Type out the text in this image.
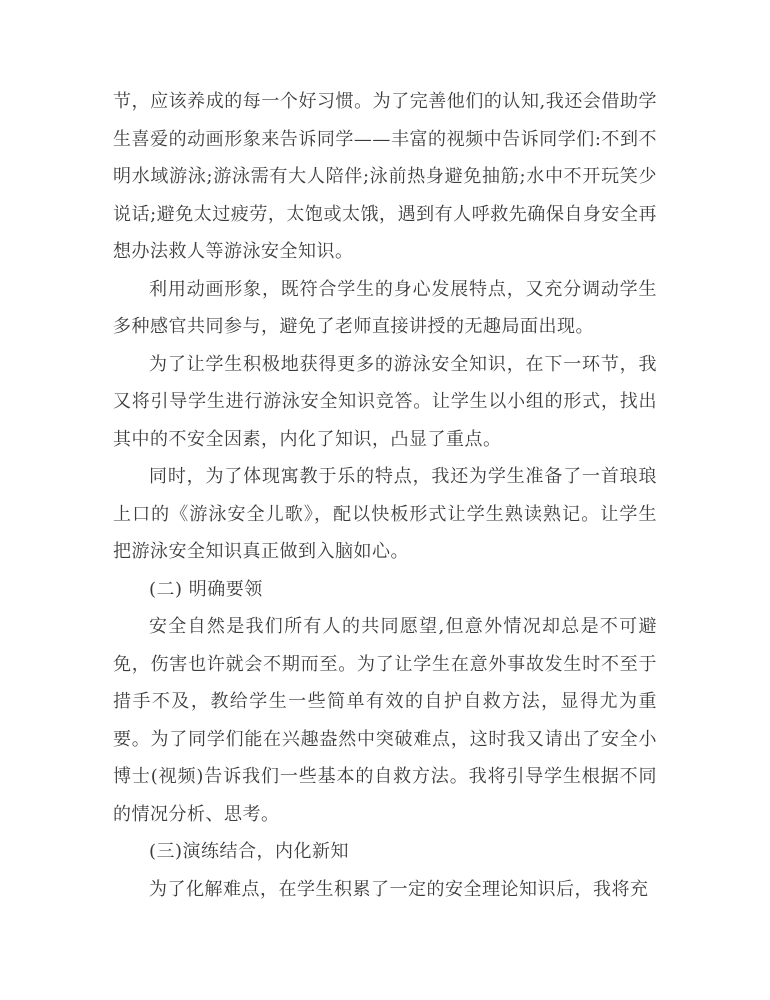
节，应该养成的每一个好习惯。为了完善他们的认知,我还会借助学生喜爱的动画形象来告诉同学——丰富的视频中告诉同学们:不到不明水域游泳;游泳需有大人陪伴;泳前热身避免抽筋;水中不开玩笑少说话;避免太过疲劳，太饱或太饿，遇到有人呼救先确保自身安全再想办法救人等游泳安全知识。

利用动画形象，既符合学生的身心发展特点，又充分调动学生多种感官共同参与，避免了老师直接讲授的无趣局面出现。

为了让学生积极地获得更多的游泳安全知识，在下一环节，我又将引导学生进行游泳安全知识竞答。让学生以小组的形式，找出其中的不安全因素，内化了知识，凸显了重点。

同时，为了体现寓教于乐的特点，我还为学生准备了一首琅琅上口的《游泳安全儿歌》，配以快板形式让学生熟读熟记。让学生把游泳安全知识真正做到入脑如心。

(二) 明确要领

安全自然是我们所有人的共同愿望,但意外情况却总是不可避免，伤害也许就会不期而至。为了让学生在意外事故发生时不至于措手不及，教给学生一些简单有效的自护自救方法，显得尤为重要。为了同学们能在兴趣盎然中突破难点，这时我又请出了安全小博士(视频)告诉我们一些基本的自救方法。我将引导学生根据不同的情况分析、思考。

(三)演练结合，内化新知

为了化解难点，在学生积累了一定的安全理论知识后，我将充
